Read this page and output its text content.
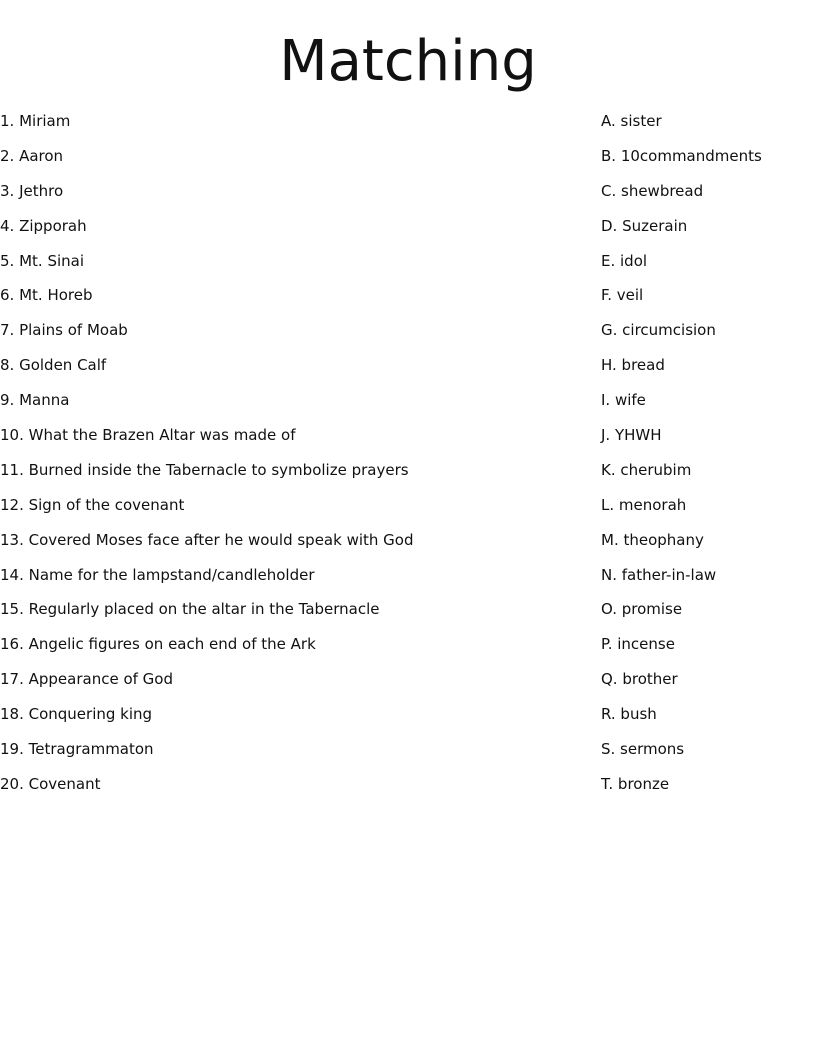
Matching
1. Miriam
2. Aaron
3. Jethro
4. Zipporah
5. Mt. Sinai
6. Mt. Horeb
7. Plains of Moab
8. Golden Calf
9. Manna
10. What the Brazen Altar was made of
11. Burned inside the Tabernacle to symbolize prayers
12. Sign of the covenant
13. Covered Moses face after he would speak with God
14. Name for the lampstand/candleholder
15. Regularly placed on the altar in the Tabernacle
16. Angelic figures on each end of the Ark
17. Appearance of God
18. Conquering king
19. Tetragrammaton
20. Covenant
A. sister
B. 10commandments
C. shewbread
D. Suzerain
E. idol
F. veil
G. circumcision
H. bread
I. wife
J. YHWH
K. cherubim
L. menorah
M. theophany
N. father-in-law
O. promise
P. incense
Q. brother
R. bush
S. sermons
T. bronze
